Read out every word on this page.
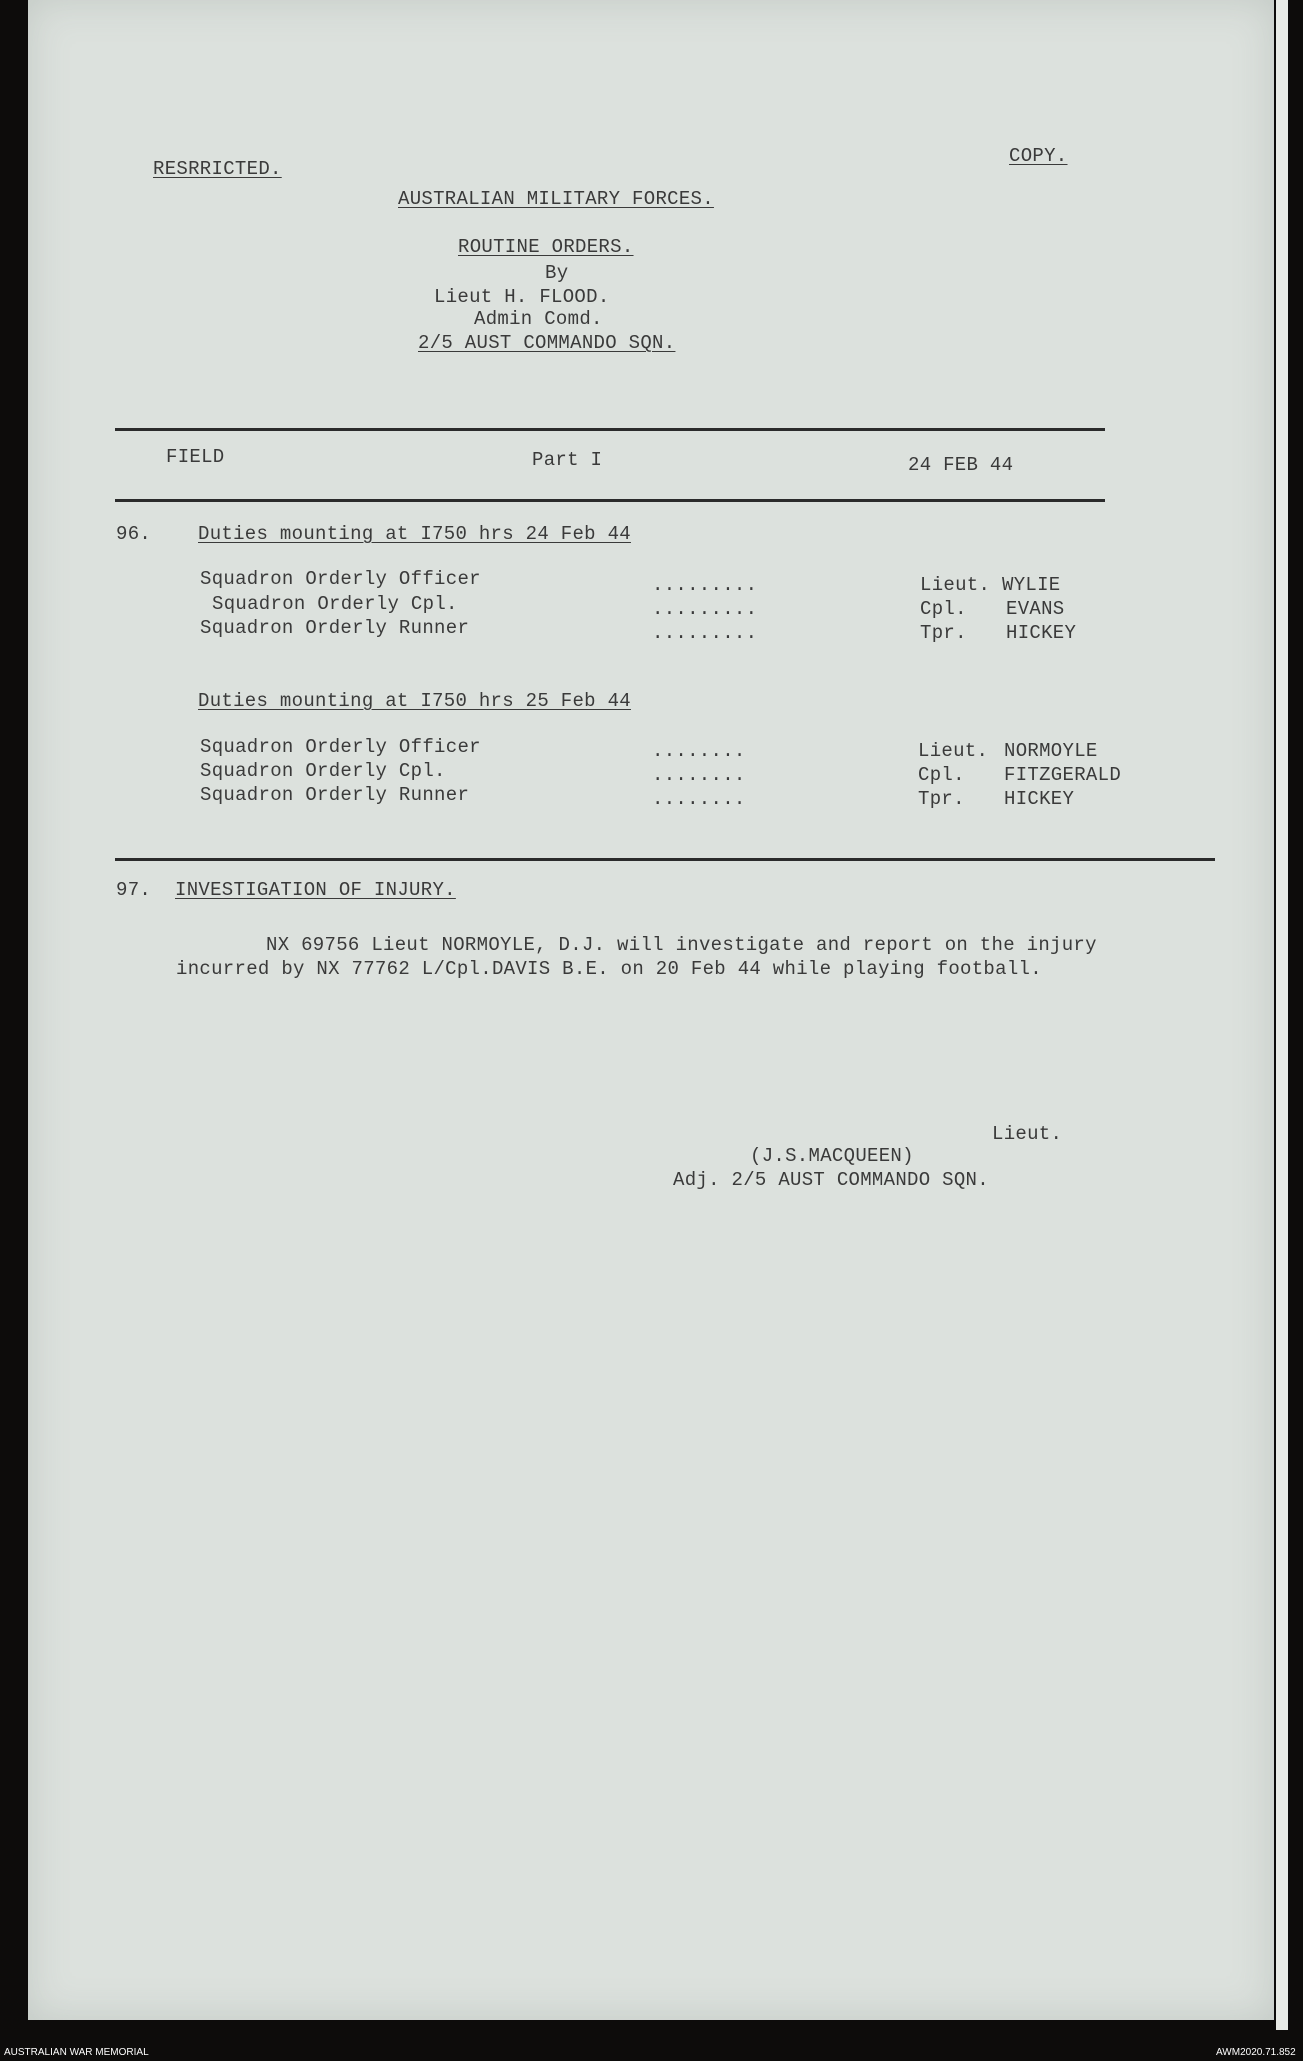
RESRRICTED.
COPY.
AUSTRALIAN MILITARY FORCES.
ROUTINE ORDERS.
By
Lieut H. FLOOD.
Admin Comd.
2/5 AUST COMMANDO SQN.
FIELD	Part I	24 FEB 44
96. Duties mounting at I750 hrs 24 Feb 44
Squadron Orderly Officer	.........	Lieut. WYLIE
Squadron Orderly Cpl.	.........	Cpl. EVANS
Squadron Orderly Runner	.........	Tpr. HICKEY
Duties mounting at I750 hrs 25 Feb 44
Squadron Orderly Officer	........	Lieut. NORMOYLE
Squadron Orderly Cpl.	........	Cpl. FITZGERALD
Squadron Orderly Runner	........	Tpr. HICKEY
97. INVESTIGATION OF INJURY.
NX 69756 Lieut NORMOYLE, D.J. will investigate and report on the injury
incurred by NX 77762 L/Cpl.DAVIS B.E. on 20 Feb 44 while playing football.
Lieut.
(J.S.MACQUEEN)
Adj. 2/5 AUST COMMANDO SQN.
AUSTRALIAN WAR MEMORIAL	AWM2020.71.852
